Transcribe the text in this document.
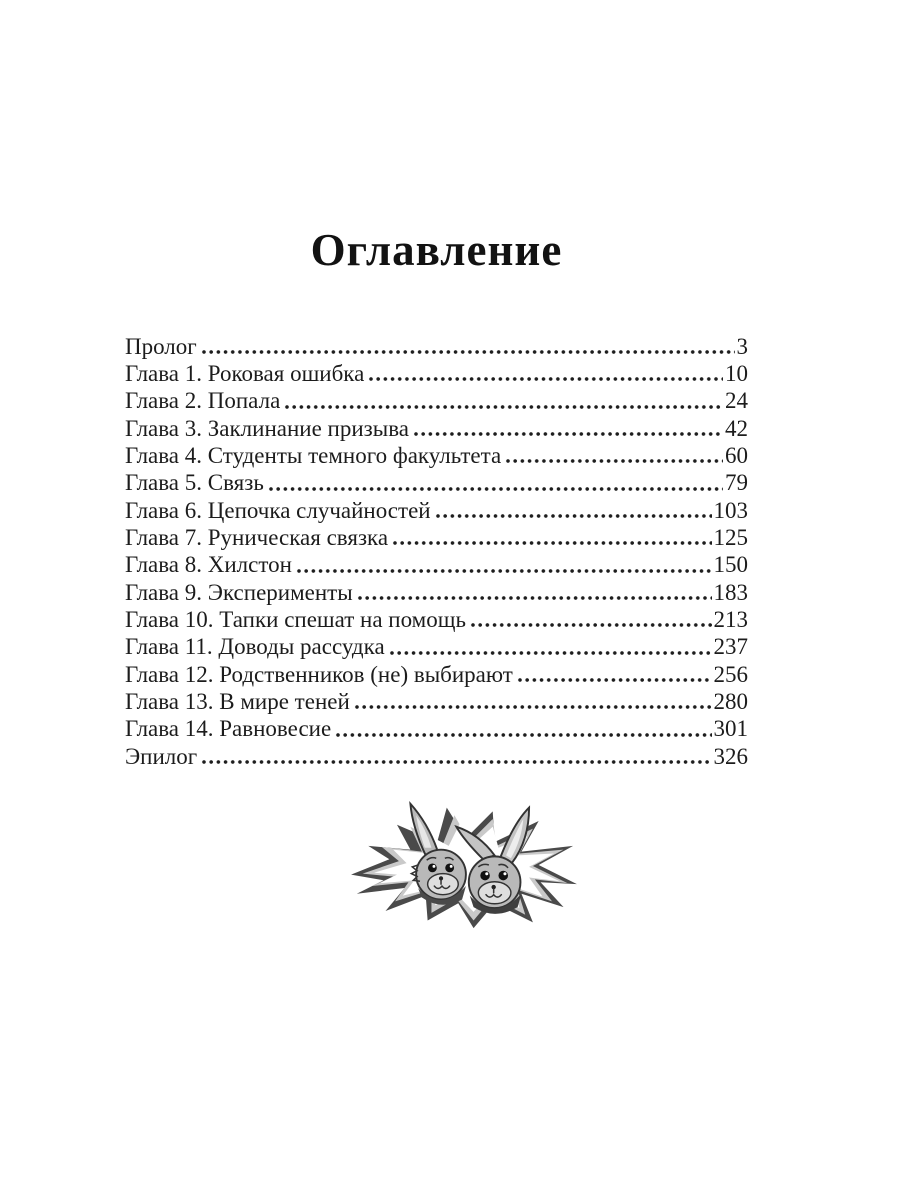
Оглавление
Пролог	3
Глава 1. Роковая ошибка	10
Глава 2. Попала	24
Глава 3. Заклинание призыва	42
Глава 4. Студенты темного факультета	60
Глава 5. Связь	79
Глава 6. Цепочка случайностей	103
Глава 7. Руническая связка	125
Глава 8. Хилстон	150
Глава 9. Эксперименты	183
Глава 10. Тапки спешат на помощь	213
Глава 11. Доводы рассудка	237
Глава 12. Родственников (не) выбирают	256
Глава 13. В мире теней	280
Глава 14. Равновесие	301
Эпилог	326
